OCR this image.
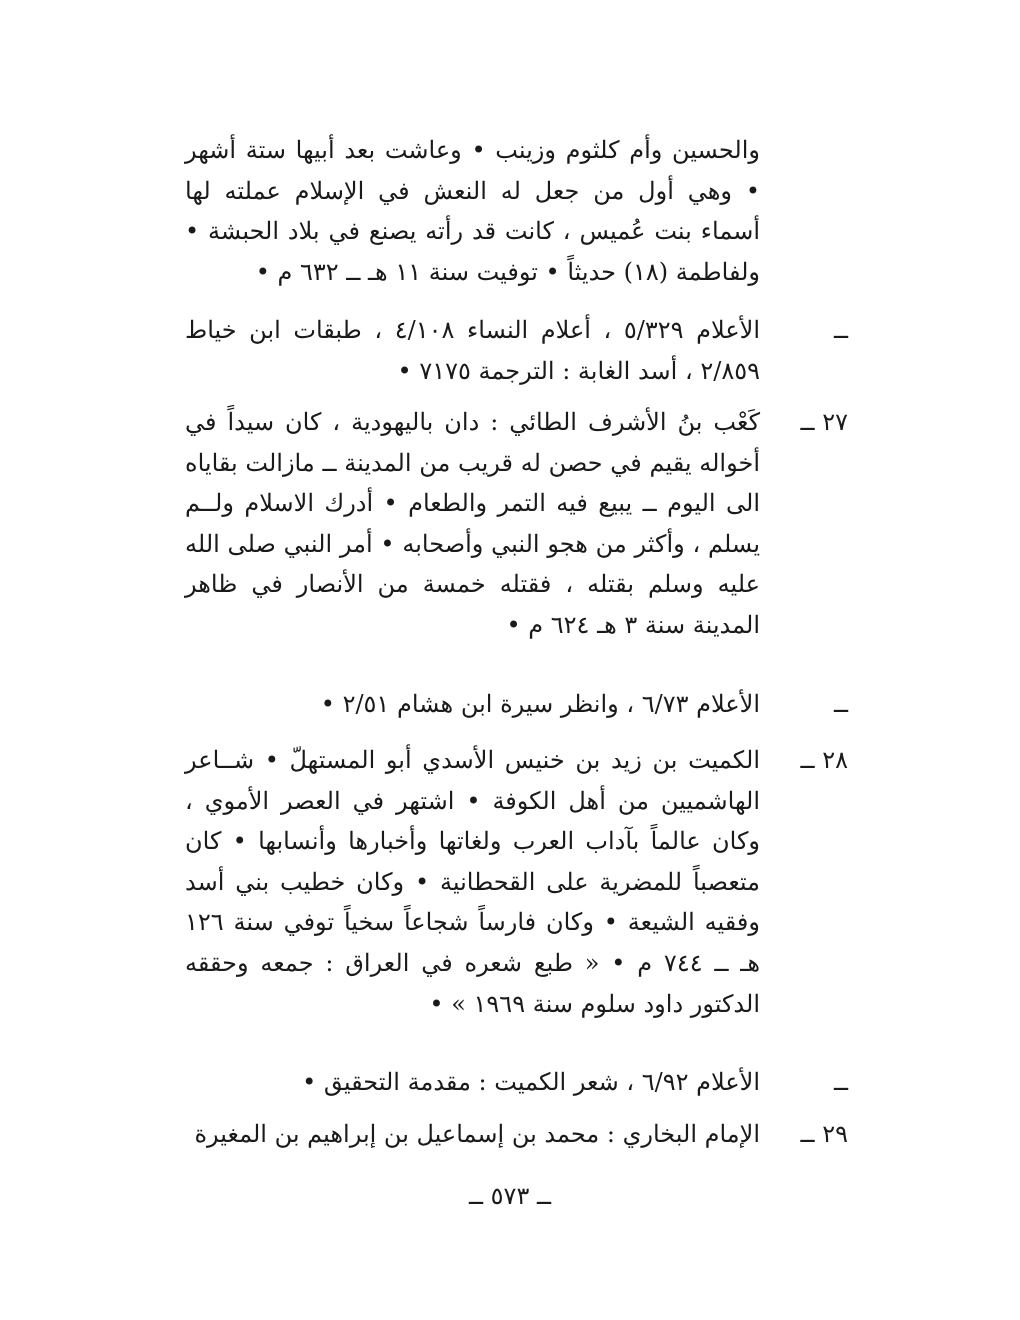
والحسين وأم كلثوم وزينب • وعاشت بعد أبيها ستة أشهر • وهي أول من جعل له النعش في الإسلام عملته لها أسماء بنت عُميس ، كانت قد رأته يصنع في بلاد الحبشة • ولفاطمة (١٨) حديثاً • توفيت سنة ١١ هـ ــ ٦٣٢ م •

ــ

الأعلام ٥/٣٢٩ ، أعلام النساء ٤/١٠٨ ، طبقات ابن خياط ٢/٨٥٩ ، أسد الغابة : الترجمة ٧١٧٥ •

٢٧ ــ

كَعْب بنُ الأشرف الطائي : دان باليهودية ، كان سيداً في أخواله يقيم في حصن له قريب من المدينة ــ مازالت بقاياه الى اليوم ــ يبيع فيه التمر والطعام • أدرك الاسلام ولــم يسلم ، وأكثر من هجو النبي وأصحابه • أمر النبي صلى الله عليه وسلم بقتله ، فقتله خمسة من الأنصار في ظاهر المدينة سنة ٣ هـ ٦٢٤ م •

ــ

الأعلام ٦/٧٣ ، وانظر سيرة ابن هشام ٢/٥١ •

٢٨ ــ

الكميت بن زيد بن خنيس الأسدي أبو المستهلّ • شــاعر الهاشميين من أهل الكوفة • اشتهر في العصر الأموي ، وكان عالماً بآداب العرب ولغاتها وأخبارها وأنسابها • كان متعصباً للمضرية على القحطانية • وكان خطيب بني أسد وفقيه الشيعة • وكان فارساً شجاعاً سخياً توفي سنة ١٢٦ هـ ــ ٧٤٤ م • « طبع شعره في العراق : جمعه وحققه الدكتور داود سلوم سنة ١٩٦٩ » •

ــ

الأعلام ٦/٩٢ ، شعر الكميت : مقدمة التحقيق •

٢٩ ــ

الإمام البخاري : محمد بن إسماعيل بن إبراهيم بن المغيرة

ــ ٥٧٣ ــ
